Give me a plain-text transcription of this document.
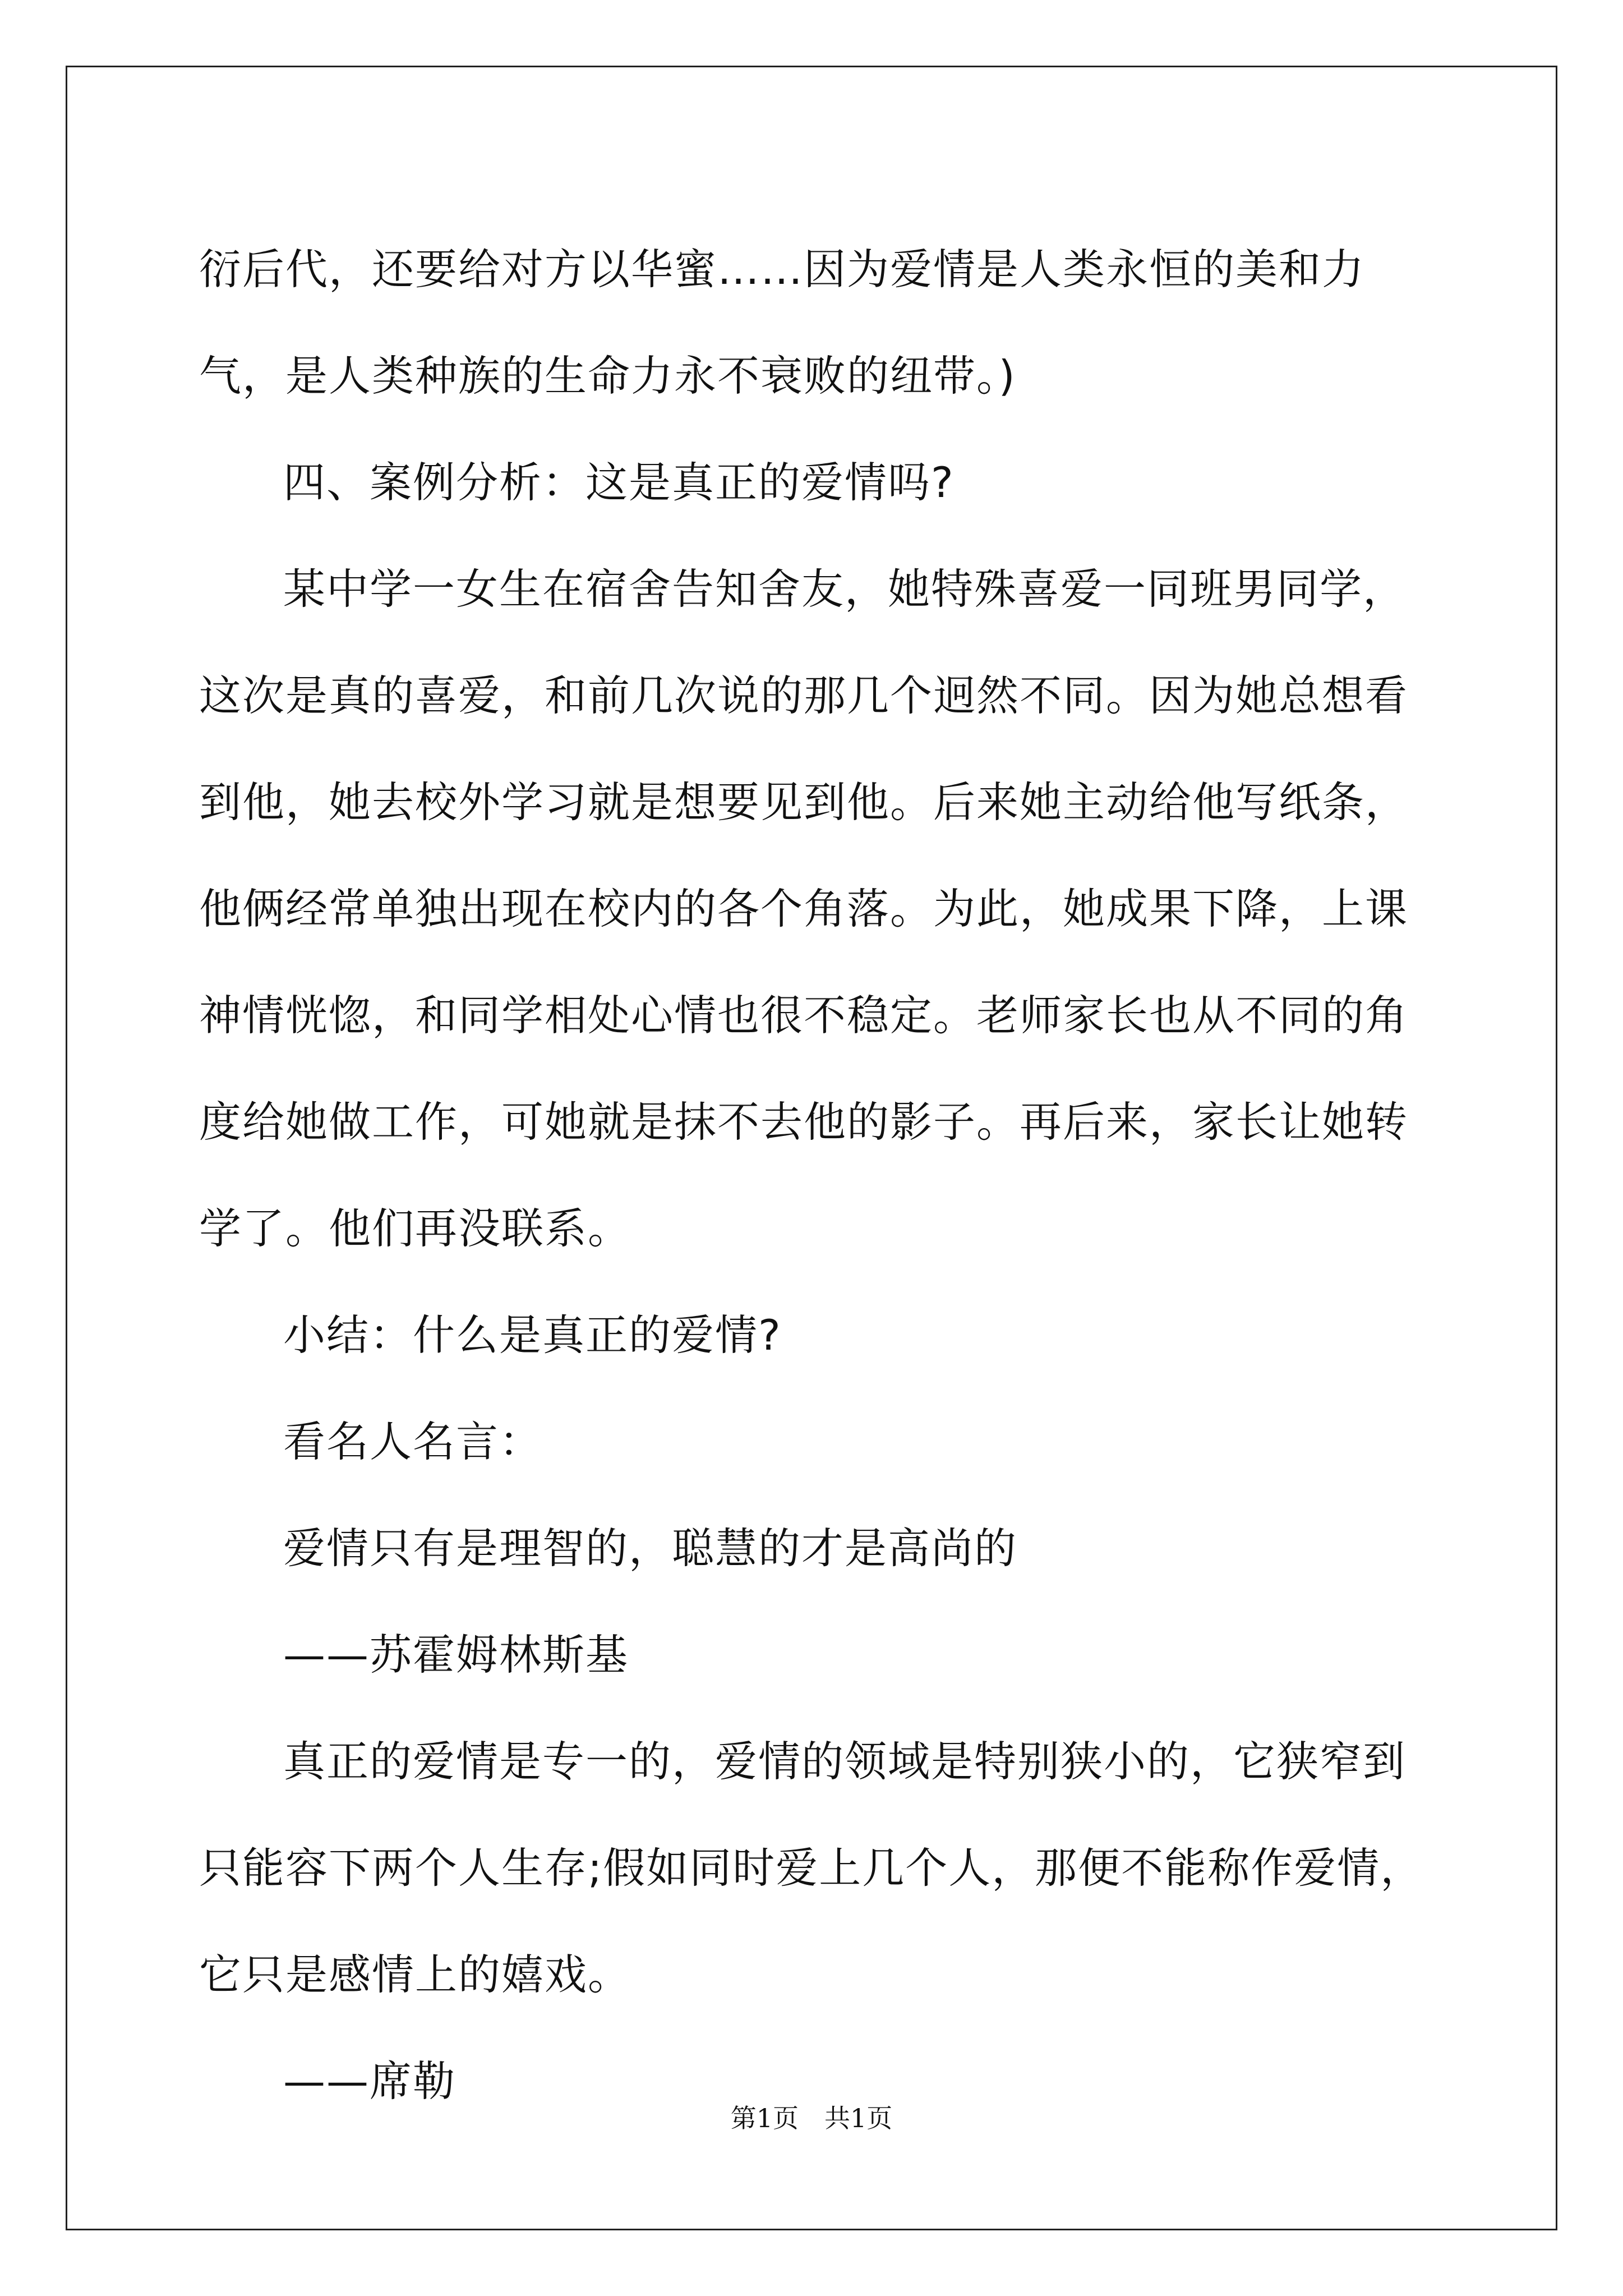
衍后代，还要给对方以华蜜……因为爱情是人类永恒的美和力气，是人类种族的生命力永不衰败的纽带。)

四、案例分析：这是真正的爱情吗?

某中学一女生在宿舍告知舍友，她特殊喜爱一同班男同学，这次是真的喜爱，和前几次说的那几个迥然不同。因为她总想看到他，她去校外学习就是想要见到他。后来她主动给他写纸条，他俩经常单独出现在校内的各个角落。为此，她成果下降，上课神情恍惚，和同学相处心情也很不稳定。老师家长也从不同的角度给她做工作，可她就是抹不去他的影子。再后来，家长让她转学了。他们再没联系。

小结：什么是真正的爱情?

看名人名言：

爱情只有是理智的，聪慧的才是高尚的

——苏霍姆林斯基

真正的爱情是专一的，爱情的领域是特别狭小的，它狭窄到只能容下两个人生存;假如同时爱上几个人，那便不能称作爱情，它只是感情上的嬉戏。

——席勒

第1页　共1页
